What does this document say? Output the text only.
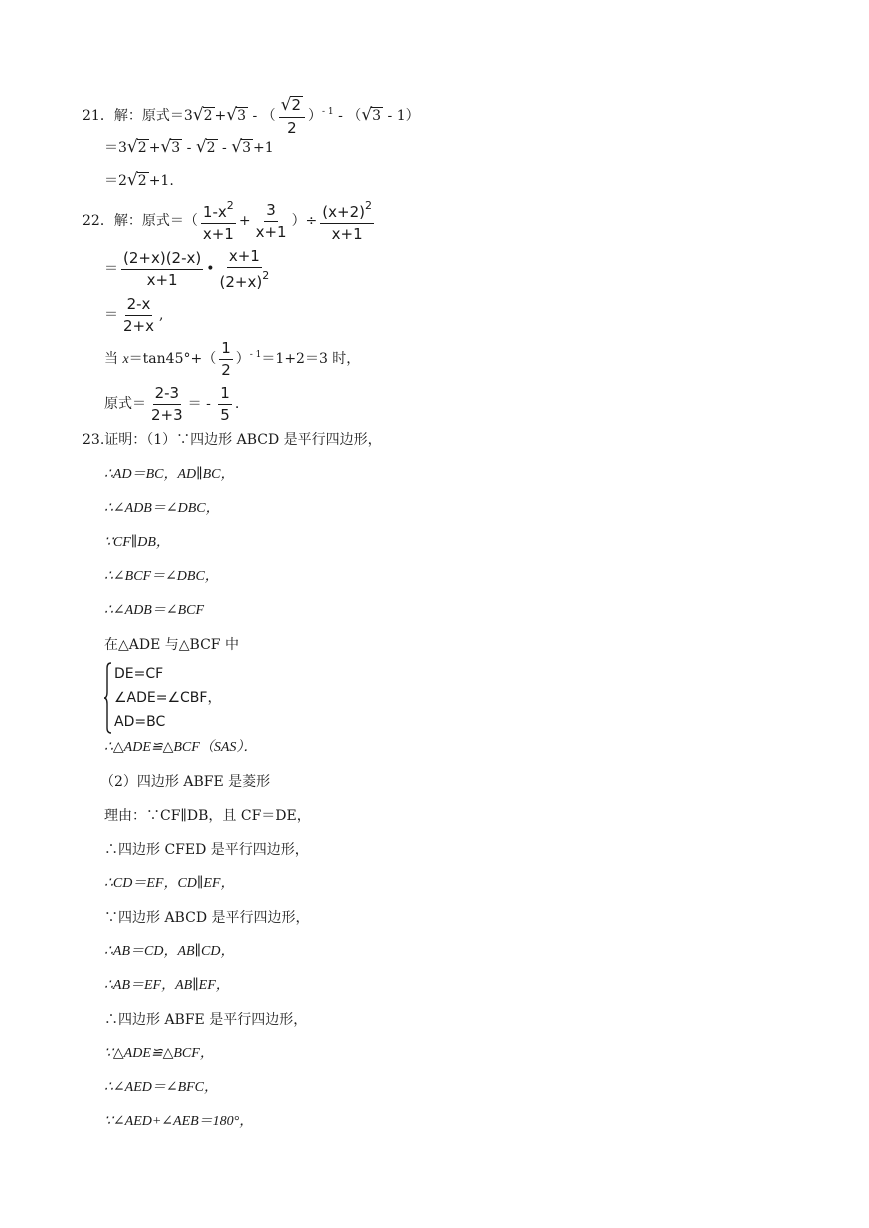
21．解：原式＝3√2 +√3 - （ $\frac{√2}{2} )^{- 1} - (√3 - 1)$
＝3√2 +√3 - √2 - √3 +1
＝2√2 +1.
22．解：原式＝（ $\frac{1-x^2}{x+1} + \frac{3}{x+1}$ ）÷ $\frac{(x+2)^2}{x+1}$
＝ $\frac{(2+x)(2-x)}{x+1}$ • $\frac{x+1}{(2+x)^2}$
＝ $\frac{2-x}{2+x}$ ,
当 $x=\tan 45^\circ+( \frac{1}{2} )^{- 1}=1+2=3$ 时，
原式＝ $\frac{2-3}{2+3}$ ＝ - $\frac{1}{5}$ .
23.证明：（1）∵四边形 ABCD 是平行四边形，
∴AD＝BC，AD∥BC，
∴∠ADB＝∠DBC，
∵CF∥DB，
∴∠BCF＝∠DBC，
∴∠ADB＝∠BCF
在△ADE 与△BCF 中
DE=CF
∠ADE=∠CBF，
AD=BC
∴△ADE≌△BCF（SAS）．
（2）四边形 ABFE 是菱形
理由：∵CF∥DB，且 CF＝DE，
∴四边形 CFED 是平行四边形，
∴CD＝EF，CD∥EF，
∵四边形 ABCD 是平行四边形，
∴AB＝CD，AB∥CD，
∴AB＝EF，AB∥EF，
∴四边形 ABFE 是平行四边形，
∵△ADE≌△BCF，
∴∠AED＝∠BFC，
∵∠AED+∠AEB＝180°，
